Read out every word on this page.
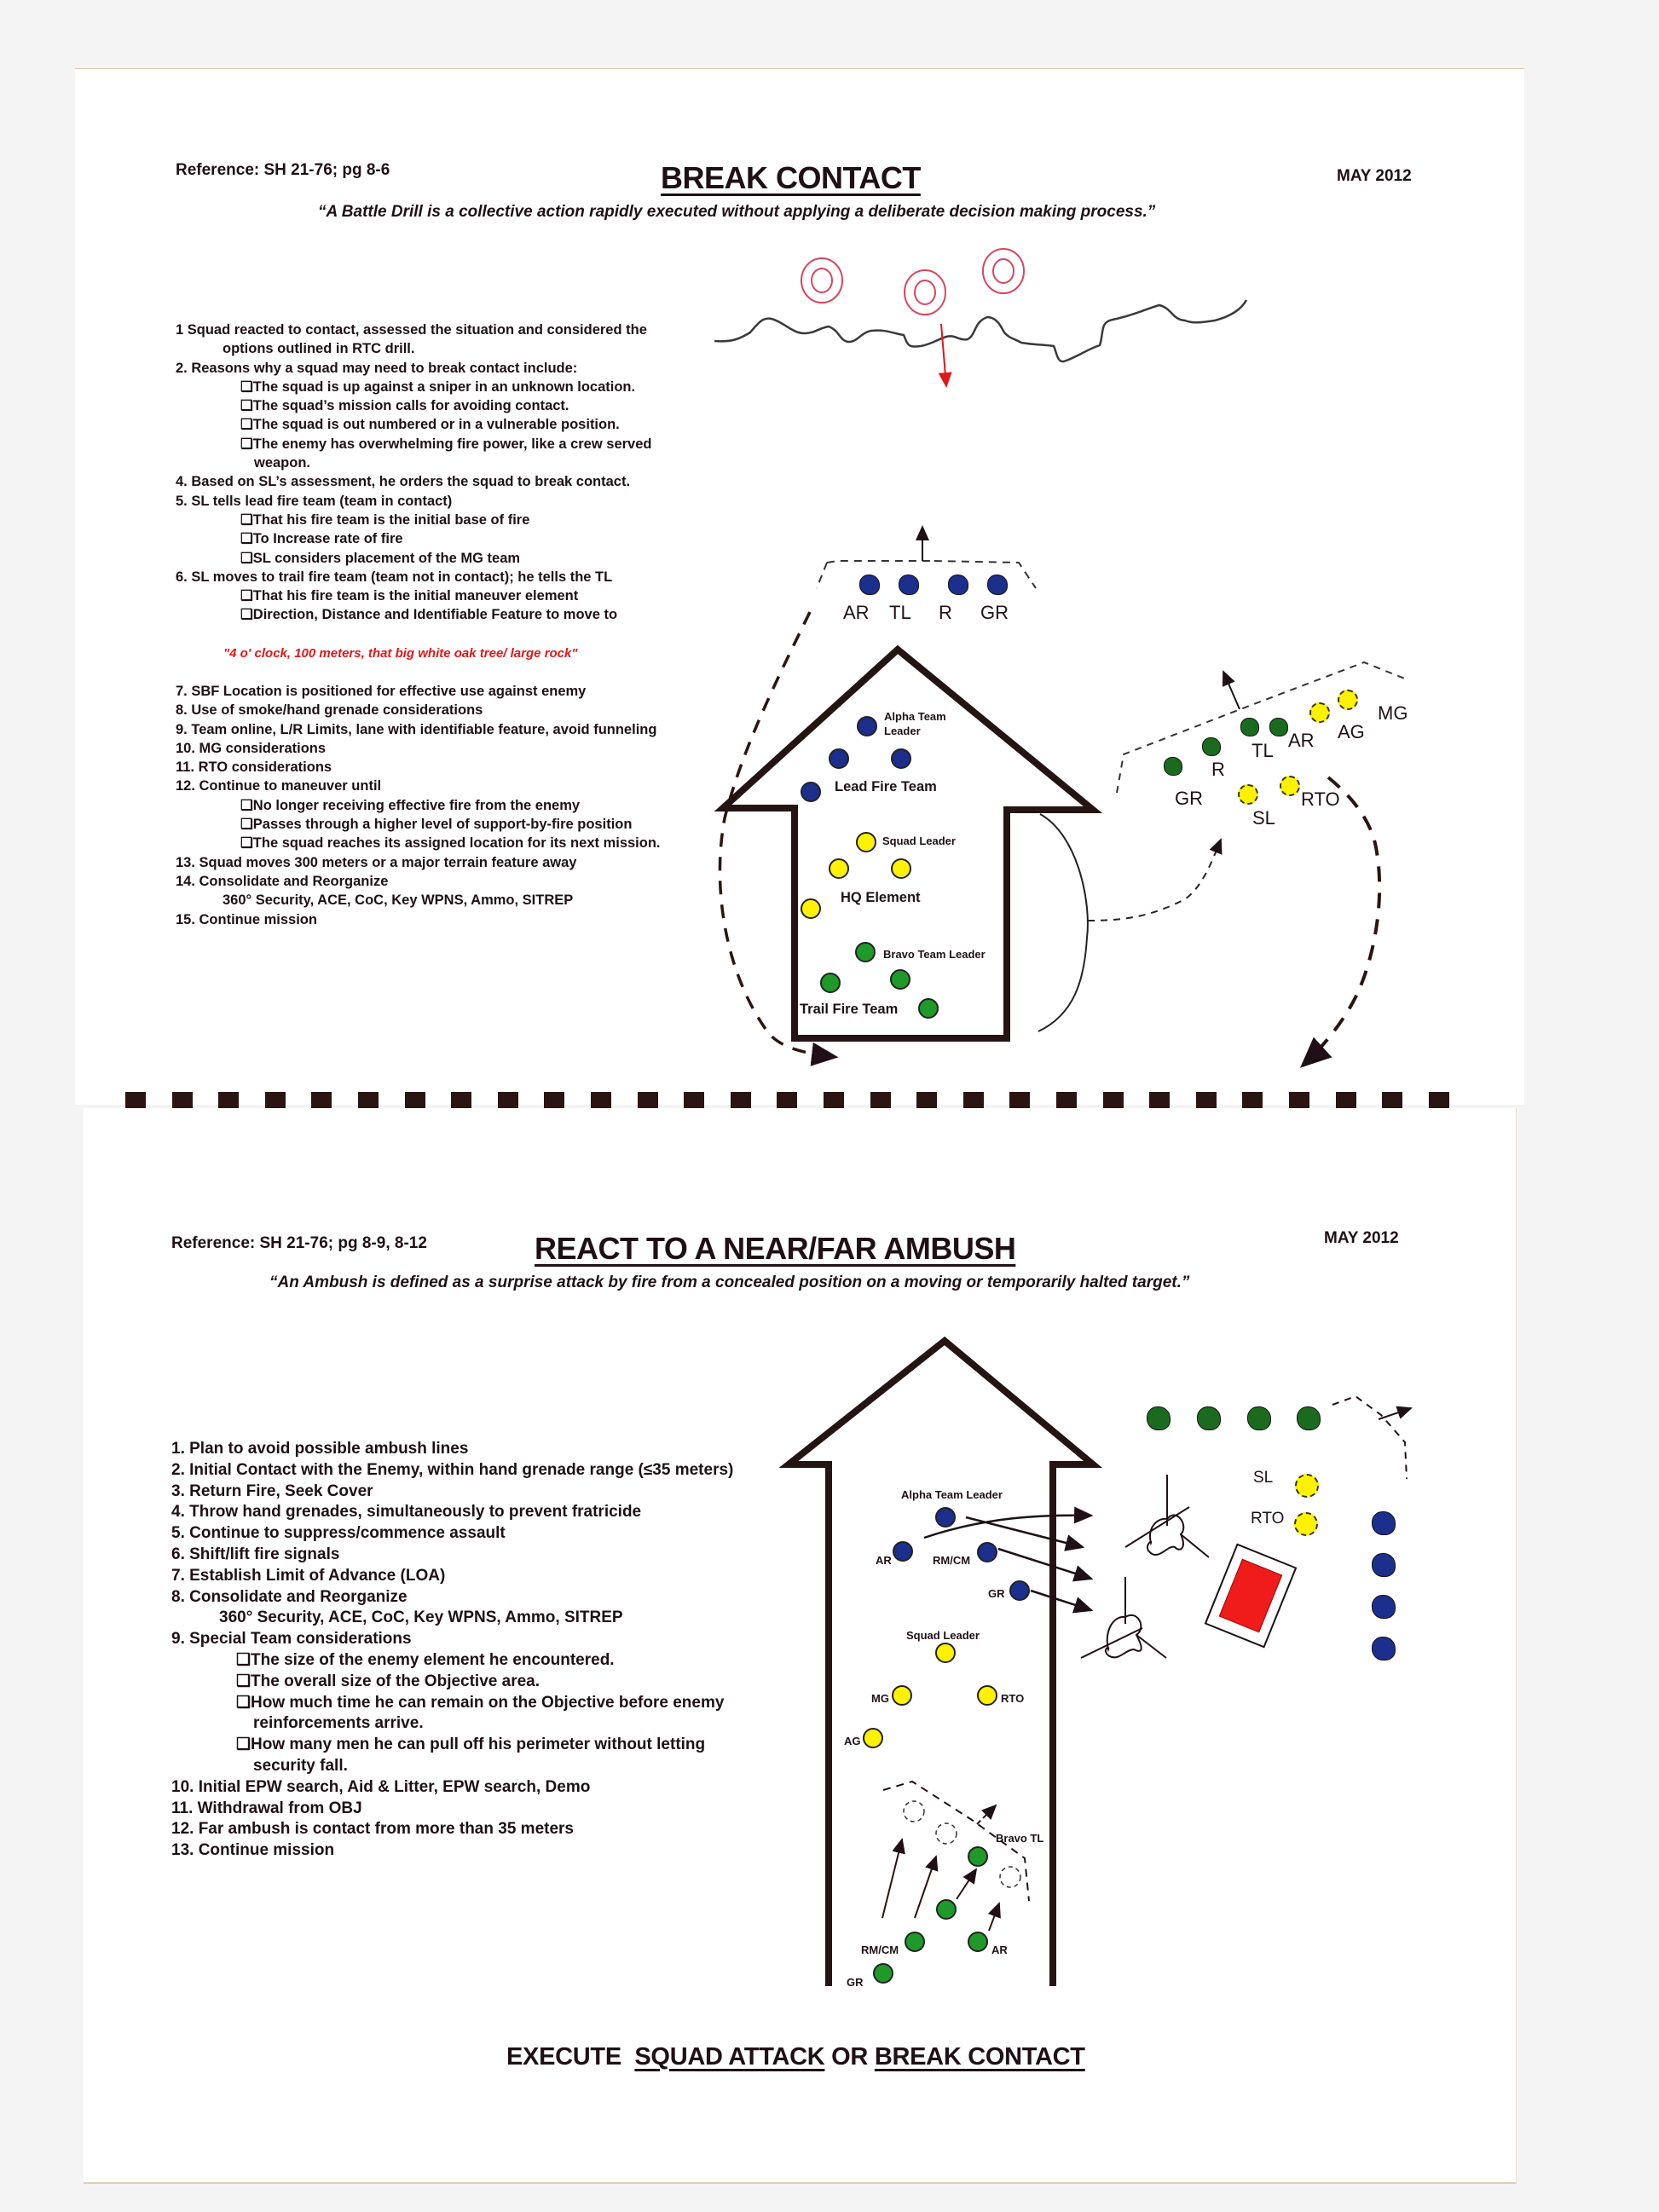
Reference: SH 21-76; pg 8-6	BREAK CONTACT	MAY 2012
“A Battle Drill is a collective action rapidly executed without applying a deliberate decision making process.”
1 Squad reacted to contact, assessed the situation and considered the
options outlined in RTC drill.
2. Reasons why a squad may need to break contact include:
❑The squad is up against a sniper in an unknown location.
❑The squad’s mission calls for avoiding contact.
❑The squad is out numbered or in a vulnerable position.
❑The enemy has overwhelming fire power, like a crew served
weapon.
4. Based on SL’s assessment, he orders the squad to break contact.
5. SL tells lead fire team (team in contact)
❑That his fire team is the initial base of fire
❑To Increase rate of fire
❑SL considers placement of the MG team
6. SL moves to trail fire team (team not in contact); he tells the TL
❑That his fire team is the initial maneuver element
❑Direction, Distance and Identifiable Feature to move to
"4 o' clock, 100 meters, that big white oak tree/ large rock"
7. SBF Location is positioned for effective use against enemy
8. Use of smoke/hand grenade considerations
9. Team online, L/R Limits, lane with identifiable feature, avoid funneling
10. MG considerations
11. RTO considerations
12. Continue to maneuver until
❑No longer receiving effective fire from the enemy
❑Passes through a higher level of support-by-fire position
❑The squad reaches its assigned location for its next mission.
13. Squad moves 300 meters or a major terrain feature away
14. Consolidate and Reorganize
360° Security, ACE, CoC, Key WPNS, Ammo, SITREP
15. Continue mission
AR TL R GR
Alpha Team
Leader
Lead Fire Team
Squad Leader
HQ Element
Bravo Team Leader
Trail Fire Team
GR
R
TL AR AG
MG
SL
RTO
Reference: SH 21-76; pg 8-9, 8-12	REACT TO A NEAR/FAR AMBUSH	MAY 2012
“An Ambush is defined as a surprise attack by fire from a concealed position on a moving or temporarily halted target.”
1. Plan to avoid possible ambush lines
2. Initial Contact with the Enemy, within hand grenade range (≤35 meters)
3. Return Fire, Seek Cover
4. Throw hand grenades, simultaneously to prevent fratricide
5. Continue to suppress/commence assault
6. Shift/lift fire signals
7. Establish Limit of Advance (LOA)
8. Consolidate and Reorganize
360° Security, ACE, CoC, Key WPNS, Ammo, SITREP
9. Special Team considerations
❑The size of the enemy element he encountered.
❑The overall size of the Objective area.
❑How much time he can remain on the Objective before enemy
reinforcements arrive.
❑How many men he can pull off his perimeter without letting
security fall.
10. Initial EPW search, Aid & Litter, EPW search, Demo
11. Withdrawal from OBJ
12. Far ambush is contact from more than 35 meters
13. Continue mission
Alpha Team Leader
AR	RM/CM
GR
Squad Leader
MG	RTO
AG
Bravo TL
RM/CM	AR
GR
SL
RTO
EXECUTE SQUAD ATTACK OR BREAK CONTACT
